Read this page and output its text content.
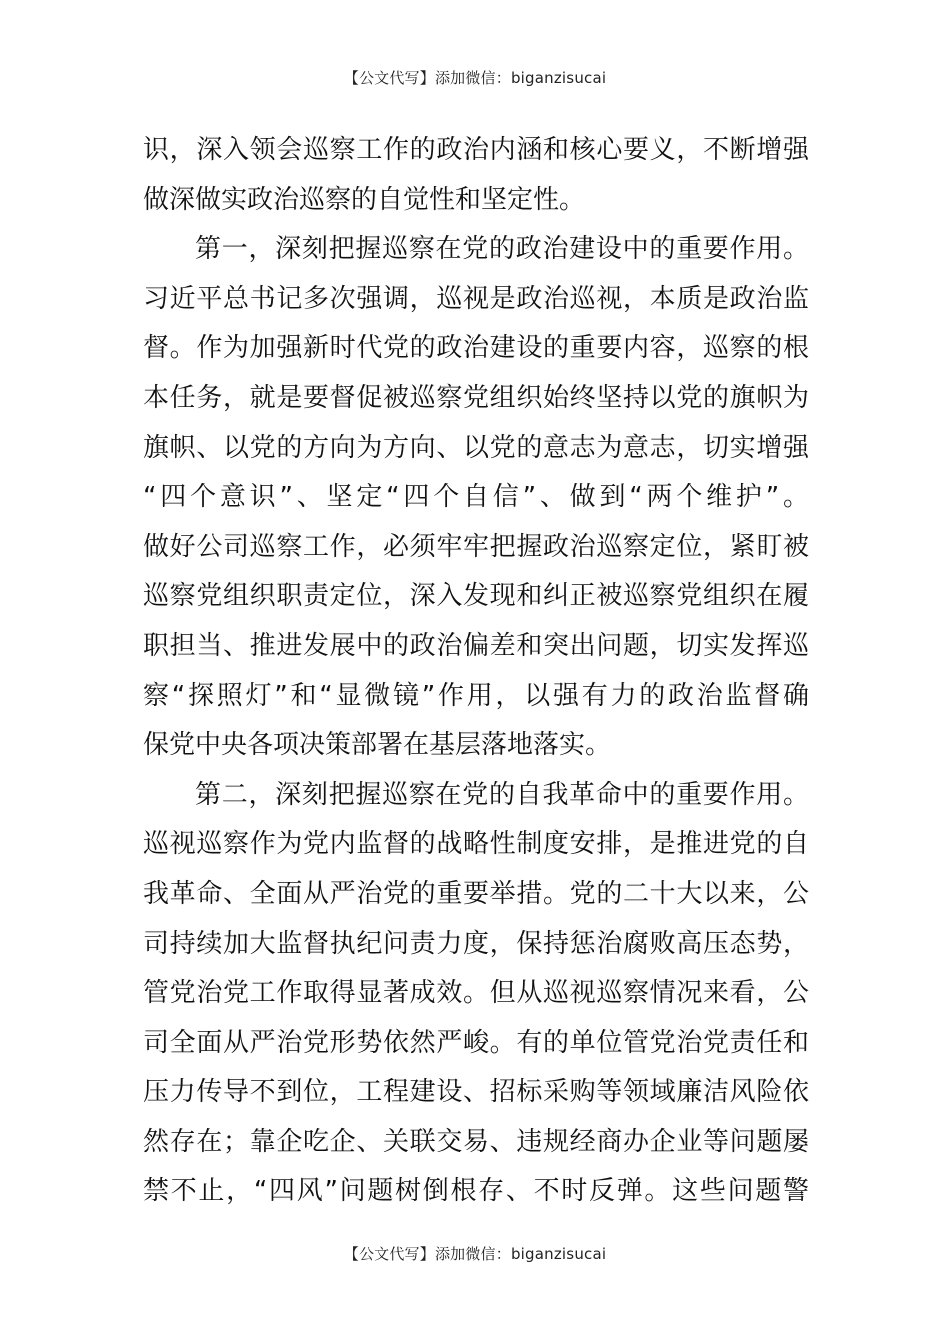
【公文代写】添加微信：biganzisucai
识，深入领会巡察工作的政治内涵和核心要义，不断增强
做深做实政治巡察的自觉性和坚定性。
第一，深刻把握巡察在党的政治建设中的重要作用。
习近平总书记多次强调，巡视是政治巡视，本质是政治监
督。作为加强新时代党的政治建设的重要内容，巡察的根
本任务，就是要督促被巡察党组织始终坚持以党的旗帜为
旗帜、以党的方向为方向、以党的意志为意志，切实增强
“四个意识”、坚定“四个自信”、做到“两个维护”。
做好公司巡察工作，必须牢牢把握政治巡察定位，紧盯被
巡察党组织职责定位，深入发现和纠正被巡察党组织在履
职担当、推进发展中的政治偏差和突出问题，切实发挥巡
察“探照灯”和“显微镜”作用，以强有力的政治监督确
保党中央各项决策部署在基层落地落实。
第二，深刻把握巡察在党的自我革命中的重要作用。
巡视巡察作为党内监督的战略性制度安排，是推进党的自
我革命、全面从严治党的重要举措。党的二十大以来，公
司持续加大监督执纪问责力度，保持惩治腐败高压态势，
管党治党工作取得显著成效。但从巡视巡察情况来看，公
司全面从严治党形势依然严峻。有的单位管党治党责任和
压力传导不到位，工程建设、招标采购等领域廉洁风险依
然存在；靠企吃企、关联交易、违规经商办企业等问题屡
禁不止，“四风”问题树倒根存、不时反弹。这些问题警
【公文代写】添加微信：biganzisucai
